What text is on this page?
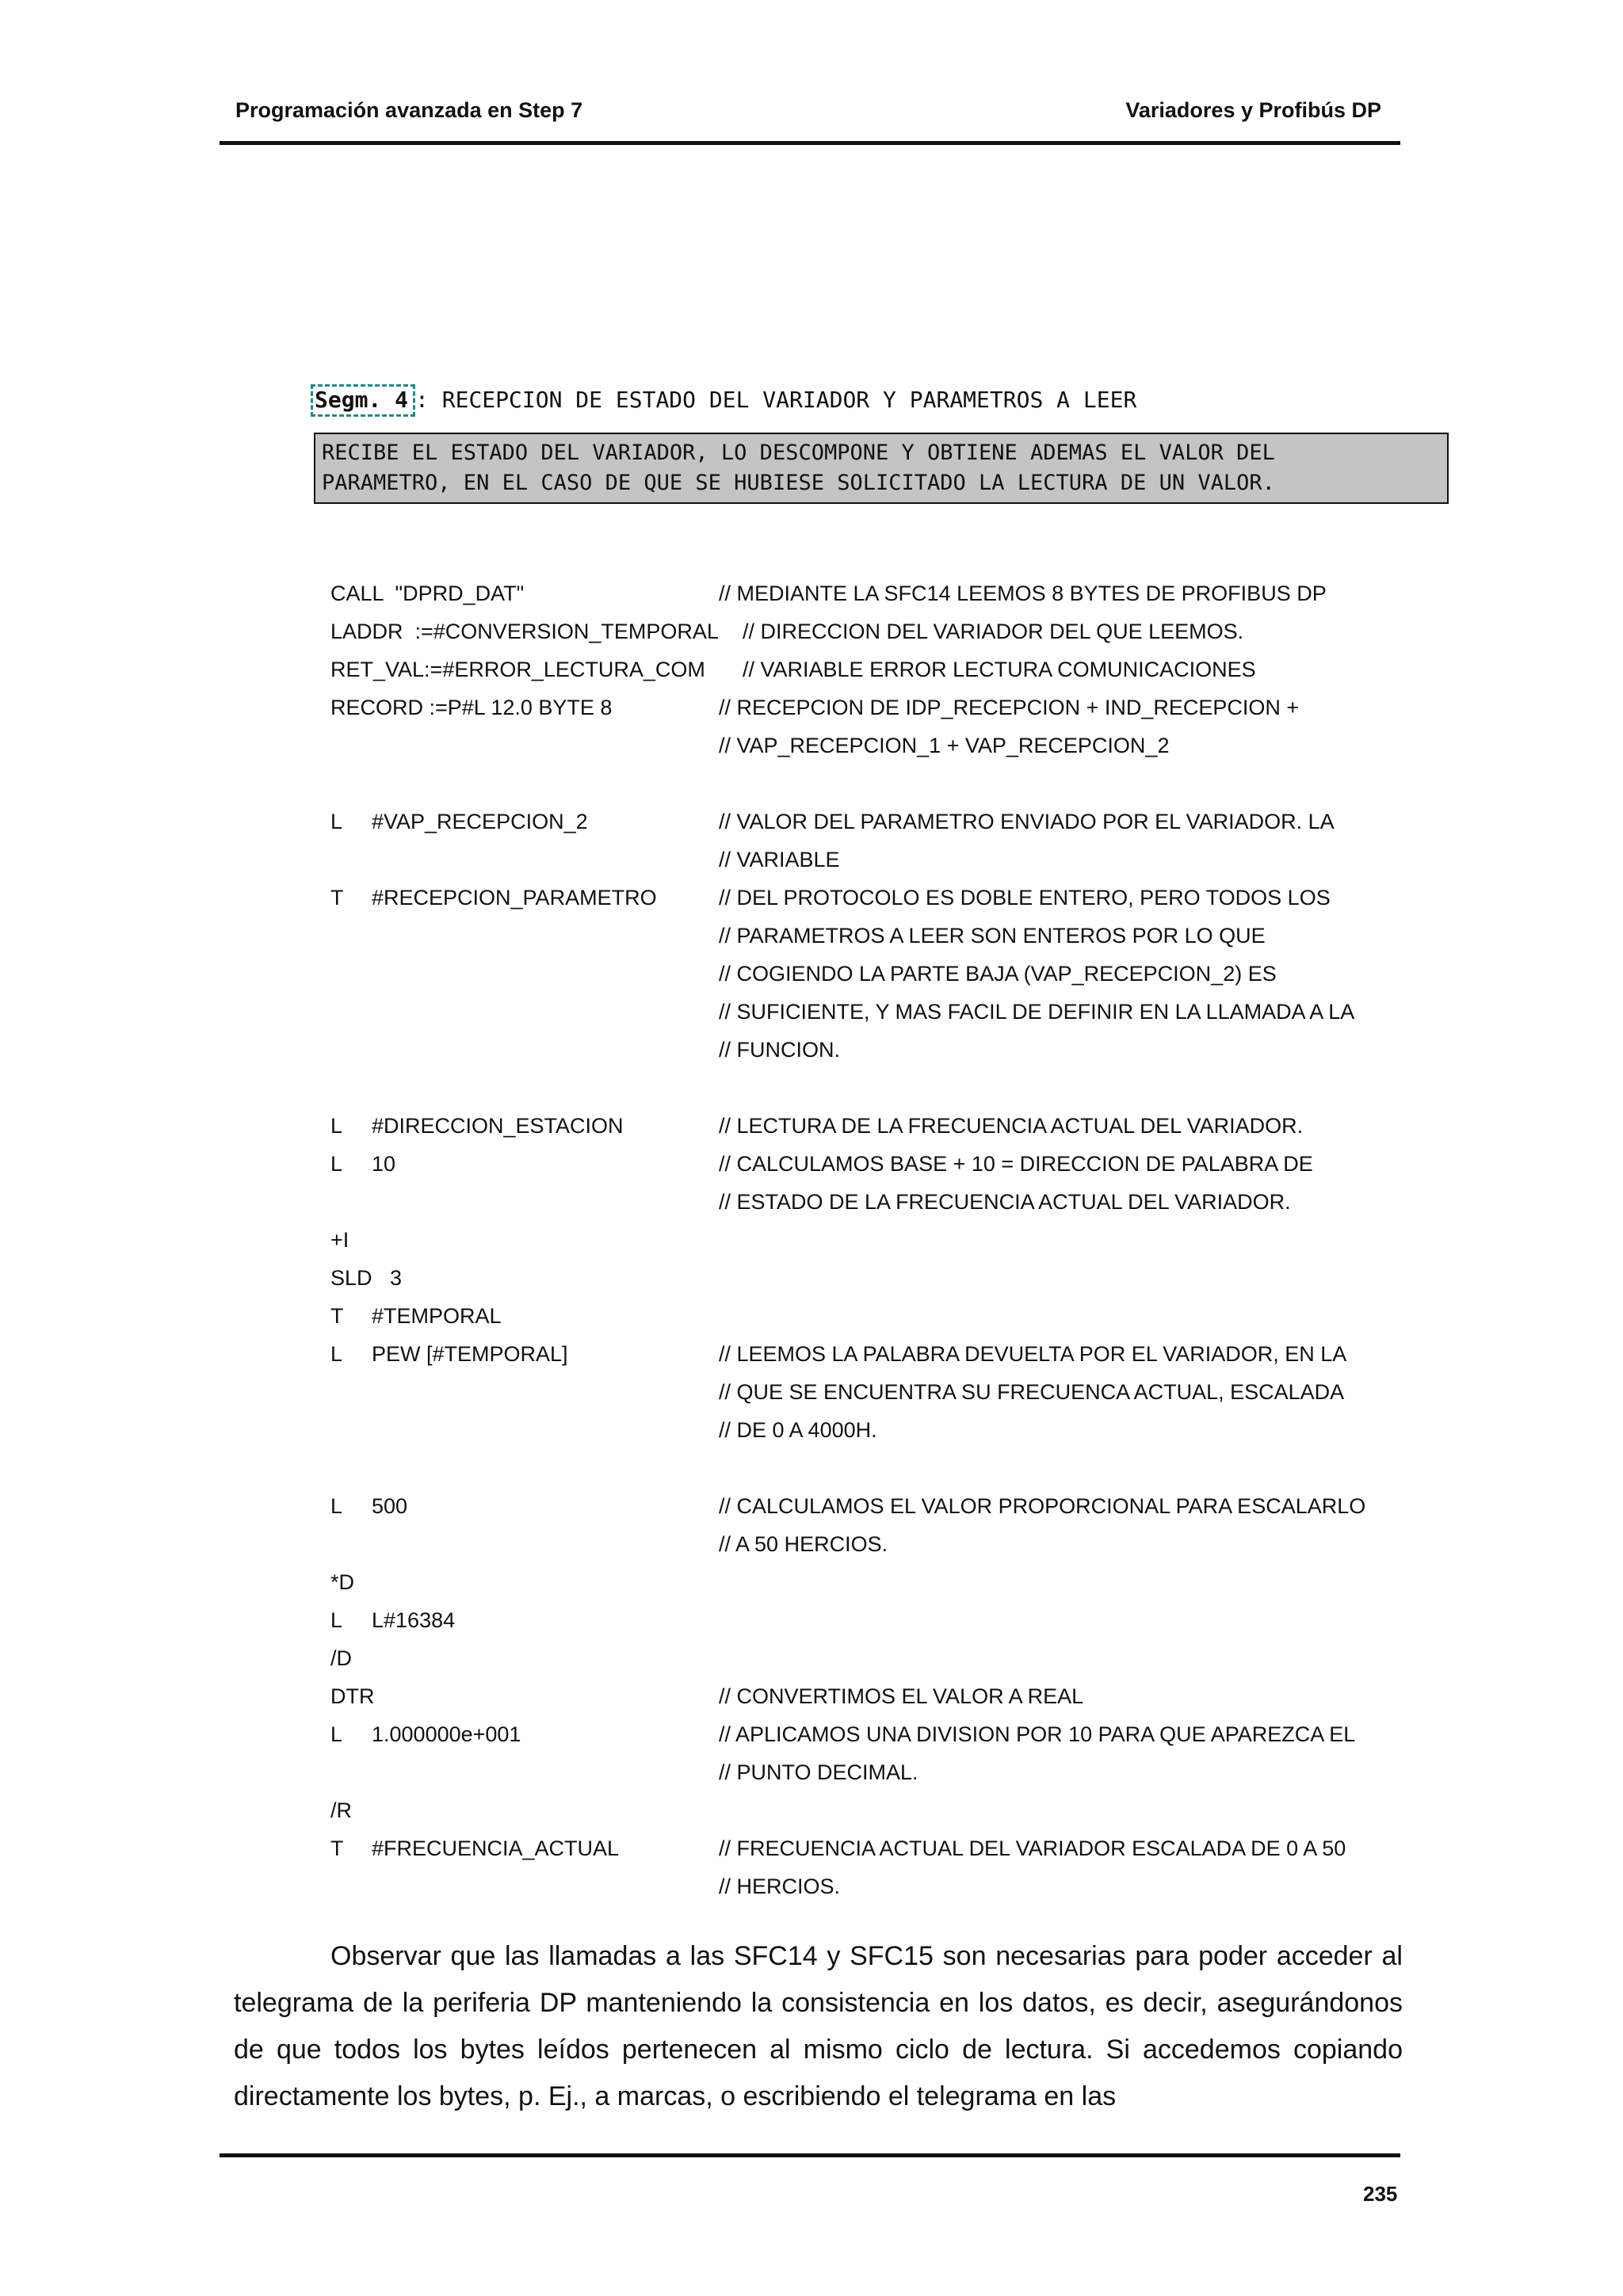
Programación avanzada en Step 7	Variadores y Profibús DP
Segm. 4 : RECEPCION DE ESTADO DEL VARIADOR Y PARAMETROS A LEER
RECIBE EL ESTADO DEL VARIADOR, LO DESCOMPONE Y OBTIENE ADEMAS EL VALOR DEL
PARAMETRO, EN EL CASO DE QUE SE HUBIESE SOLICITADO LA LECTURA DE UN VALOR.
CALL  "DPRD_DAT"	// MEDIANTE LA SFC14 LEEMOS 8 BYTES DE PROFIBUS DP
LADDR  :=#CONVERSION_TEMPORAL // DIRECCION DEL VARIADOR DEL QUE LEEMOS.
RET_VAL:=#ERROR_LECTURA_COM // VARIABLE ERROR LECTURA COMUNICACIONES
RECORD :=P#L 12.0 BYTE 8	// RECEPCION DE IDP_RECEPCION + IND_RECEPCION +
// VAP_RECEPCION_1 + VAP_RECEPCION_2
L #VAP_RECEPCION_2	// VALOR DEL PARAMETRO ENVIADO POR EL VARIADOR. LA
// VARIABLE
T #RECEPCION_PARAMETRO	// DEL PROTOCOLO ES DOBLE ENTERO, PERO TODOS LOS
// PARAMETROS A LEER SON ENTEROS POR LO QUE
// COGIENDO LA PARTE BAJA (VAP_RECEPCION_2) ES
// SUFICIENTE, Y MAS FACIL DE DEFINIR EN LA LLAMADA A LA
// FUNCION.
L #DIRECCION_ESTACION	// LECTURA DE LA FRECUENCIA ACTUAL DEL VARIADOR.
L 10	// CALCULAMOS BASE + 10 = DIRECCION DE PALABRA DE
// ESTADO DE LA FRECUENCIA ACTUAL DEL VARIADOR.
+I
SLD   3
T #TEMPORAL
L PEW [#TEMPORAL]	// LEEMOS LA PALABRA DEVUELTA POR EL VARIADOR, EN LA
// QUE SE ENCUENTRA SU FRECUENCA ACTUAL, ESCALADA
// DE 0 A 4000H.
L 500	// CALCULAMOS EL VALOR PROPORCIONAL PARA ESCALARLO
// A 50 HERCIOS.
*D
L L#16384
/D
DTR	// CONVERTIMOS EL VALOR A REAL
L 1.000000e+001	// APLICAMOS UNA DIVISION POR 10 PARA QUE APAREZCA EL
// PUNTO DECIMAL.
/R
T #FRECUENCIA_ACTUAL	// FRECUENCIA ACTUAL DEL VARIADOR ESCALADA DE 0 A 50
// HERCIOS.

Observar que las llamadas a las SFC14 y SFC15 son necesarias para poder acceder al telegrama de la periferia DP manteniendo la consistencia en los datos, es decir, asegurándonos de que todos los bytes leídos pertenecen al mismo ciclo de lectura. Si accedemos copiando directamente los bytes, p. Ej., a marcas, o escribiendo el telegrama en las

235
